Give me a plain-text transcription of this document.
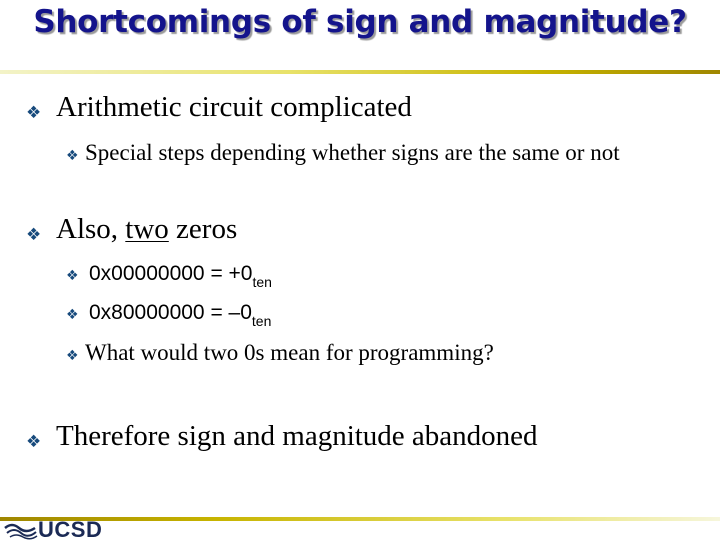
Shortcomings of sign and magnitude?
❖ Arithmetic circuit complicated
❖ Special steps depending whether signs are the same or not
❖ Also, two zeros
❖ $0x00000000 = +0_{ten}$
❖ $0x80000000 = -0_{ten}$
❖ What would two 0s mean for programming?
❖ Therefore sign and magnitude abandoned
UCSD
